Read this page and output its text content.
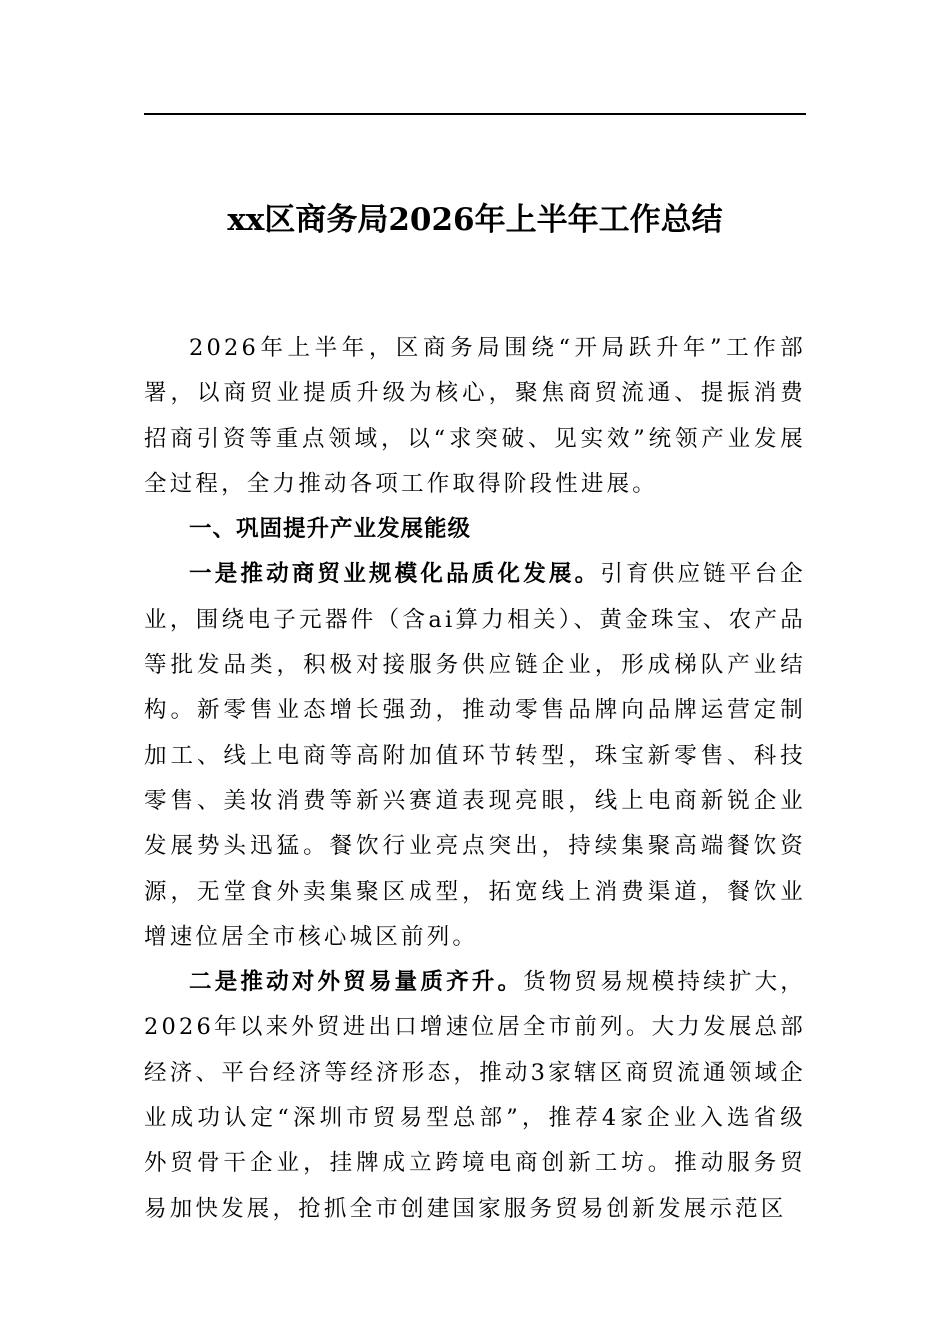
xx区商务局2026年上半年工作总结

2026年上半年，区商务局围绕“开局跃升年”工作部署，以商贸业提质升级为核心，聚焦商贸流通、提振消费招商引资等重点领域，以“求突破、见实效”统领产业发展全过程，全力推动各项工作取得阶段性进展。

一、巩固提升产业发展能级

一是推动商贸业规模化品质化发展。引育供应链平台企业，围绕电子元器件（含ai算力相关）、黄金珠宝、农产品等批发品类，积极对接服务供应链企业，形成梯队产业结构。新零售业态增长强劲，推动零售品牌向品牌运营定制加工、线上电商等高附加值环节转型，珠宝新零售、科技零售、美妆消费等新兴赛道表现亮眼，线上电商新锐企业发展势头迅猛。餐饮行业亮点突出，持续集聚高端餐饮资源，无堂食外卖集聚区成型，拓宽线上消费渠道，餐饮业增速位居全市核心城区前列。

二是推动对外贸易量质齐升。货物贸易规模持续扩大，2026年以来外贸进出口增速位居全市前列。大力发展总部经济、平台经济等经济形态，推动3家辖区商贸流通领域企业成功认定“深圳市贸易型总部”，推荐4家企业入选省级外贸骨干企业，挂牌成立跨境电商创新工坊。推动服务贸易加快发展，抢抓全市创建国家服务贸易创新发展示范区
